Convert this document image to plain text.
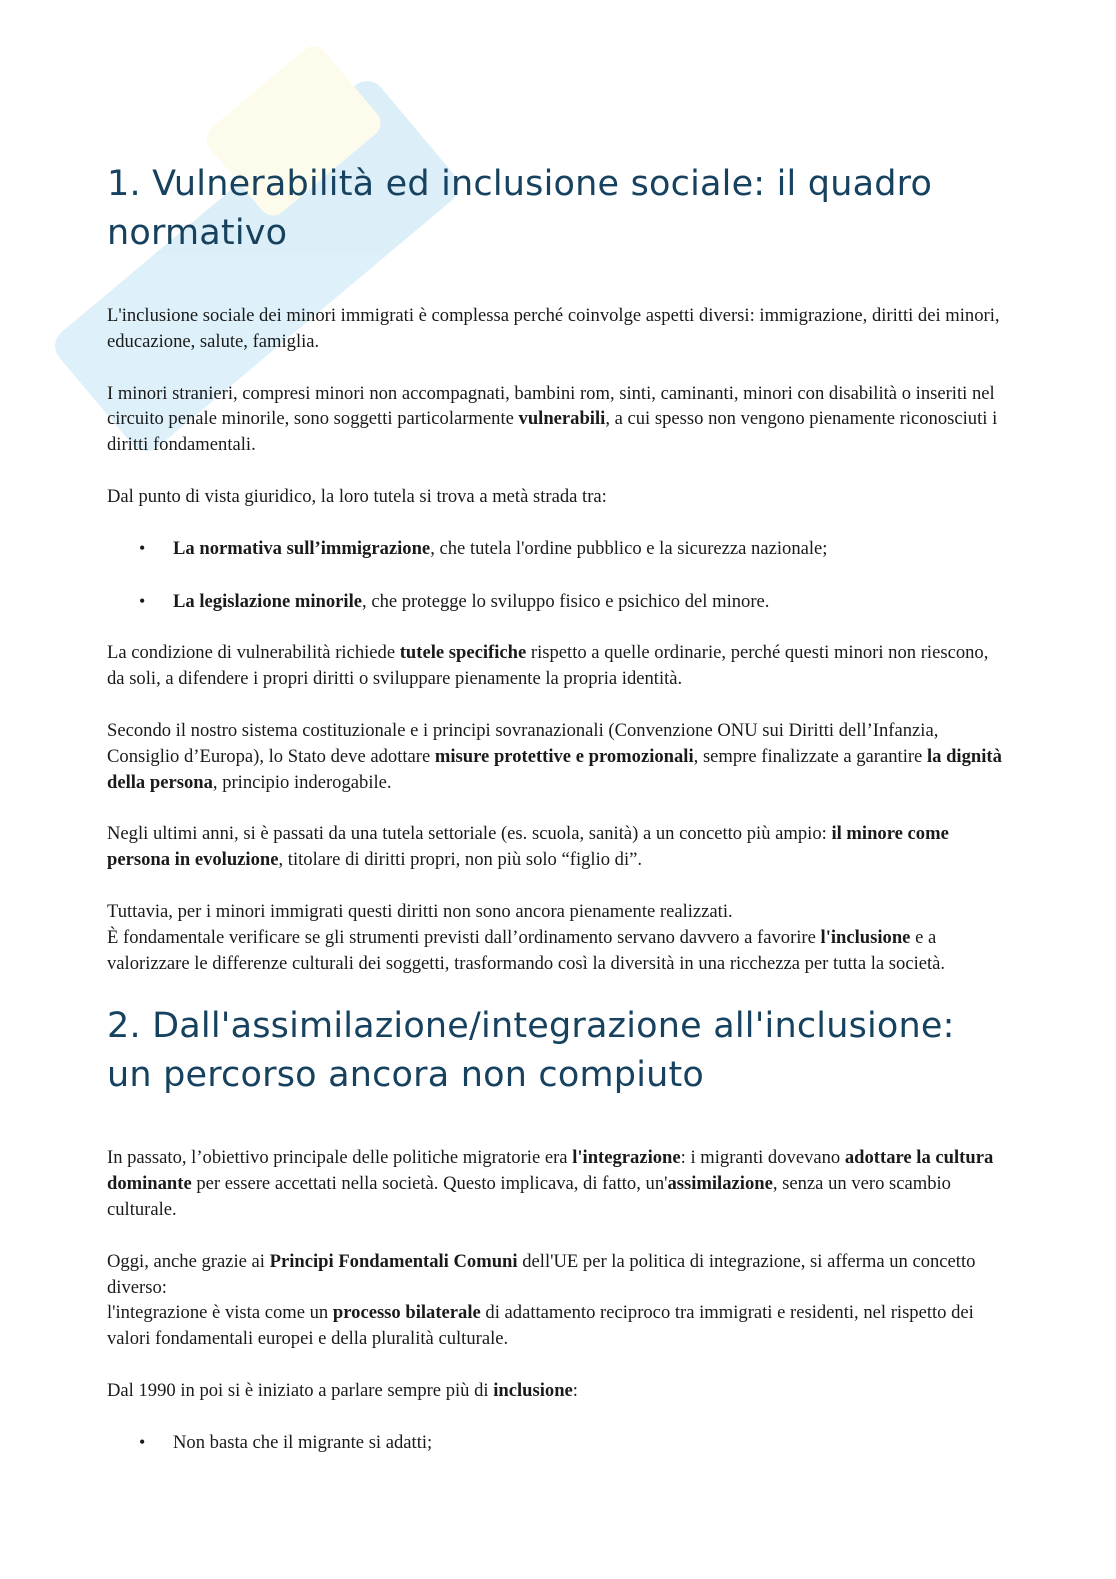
1. Vulnerabilità ed inclusione sociale: il quadro normativo

L'inclusione sociale dei minori immigrati è complessa perché coinvolge aspetti diversi: immigrazione, diritti dei minori, educazione, salute, famiglia.

I minori stranieri, compresi minori non accompagnati, bambini rom, sinti, caminanti, minori con disabilità o inseriti nel circuito penale minorile, sono soggetti particolarmente vulnerabili, a cui spesso non vengono pienamente riconosciuti i diritti fondamentali.

Dal punto di vista giuridico, la loro tutela si trova a metà strada tra:

• La normativa sull’immigrazione, che tutela l'ordine pubblico e la sicurezza nazionale;
• La legislazione minorile, che protegge lo sviluppo fisico e psichico del minore.

La condizione di vulnerabilità richiede tutele specifiche rispetto a quelle ordinarie, perché questi minori non riescono, da soli, a difendere i propri diritti o sviluppare pienamente la propria identità.

Secondo il nostro sistema costituzionale e i principi sovranazionali (Convenzione ONU sui Diritti dell’Infanzia, Consiglio d’Europa), lo Stato deve adottare misure protettive e promozionali, sempre finalizzate a garantire la dignità della persona, principio inderogabile.

Negli ultimi anni, si è passati da una tutela settoriale (es. scuola, sanità) a un concetto più ampio: il minore come persona in evoluzione, titolare di diritti propri, non più solo “figlio di”.

Tuttavia, per i minori immigrati questi diritti non sono ancora pienamente realizzati.
È fondamentale verificare se gli strumenti previsti dall’ordinamento servano davvero a favorire l'inclusione e a valorizzare le differenze culturali dei soggetti, trasformando così la diversità in una ricchezza per tutta la società.

2. Dall'assimilazione/integrazione all'inclusione: un percorso ancora non compiuto

In passato, l’obiettivo principale delle politiche migratorie era l'integrazione: i migranti dovevano adottare la cultura dominante per essere accettati nella società. Questo implicava, di fatto, un'assimilazione, senza un vero scambio culturale.

Oggi, anche grazie ai Principi Fondamentali Comuni dell'UE per la politica di integrazione, si afferma un concetto diverso:
l'integrazione è vista come un processo bilaterale di adattamento reciproco tra immigrati e residenti, nel rispetto dei valori fondamentali europei e della pluralità culturale.

Dal 1990 in poi si è iniziato a parlare sempre più di inclusione:

• Non basta che il migrante si adatti;
